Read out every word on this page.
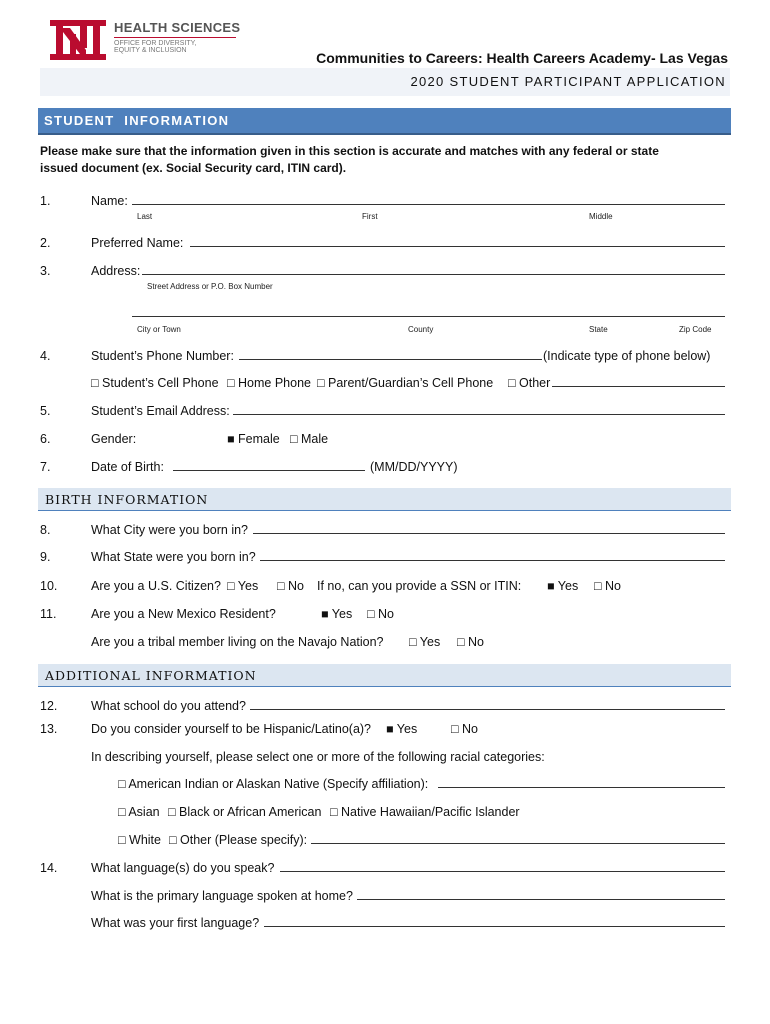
HEALTH SCIENCES
OFFICE FOR DIVERSITY,
EQUITY & INCLUSION	Communities to Careers: Health Careers Academy- Las Vegas
2020 STUDENT PARTICIPANT APPLICATION
STUDENT  INFORMATION
Please make sure that the information given in this section is accurate and matches with any federal or state
issued document (ex. Social Security card, ITIN card).
1.	Name:
Last	First	Middle
2.	Preferred Name:
3.	Address:
Street Address or P.O. Box Number
City or Town	County	State	Zip Code
4.	Student’s Phone Number:	(Indicate type of phone below)
□ Student’s Cell Phone □ Home Phone □ Parent/Guardian’s Cell Phone □ Other
5.	Student’s Email Address:
6.	Gender:	■ Female □ Male
7.	Date of Birth:	(MM/DD/YYYY)
BIRTH INFORMATION
8.	What City were you born in?
9.	What State were you born in?
10.	Are you a U.S. Citizen? □ Yes □ No If no, can you provide a SSN or ITIN: ■ Yes □ No
11.	Are you a New Mexico Resident?	■ Yes □ No
Are you a tribal member living on the Navajo Nation? □ Yes □ No
ADDITIONAL INFORMATION
12.	What school do you attend?
13.	Do you consider yourself to be Hispanic/Latino(a)? ■ Yes	□ No
In describing yourself, please select one or more of the following racial categories:
□ American Indian or Alaskan Native (Specify affiliation):
□ Asian □ Black or African American □ Native Hawaiian/Pacific Islander
□ White □ Other (Please specify):
14.	What language(s) do you speak?
What is the primary language spoken at home?
What was your first language?
